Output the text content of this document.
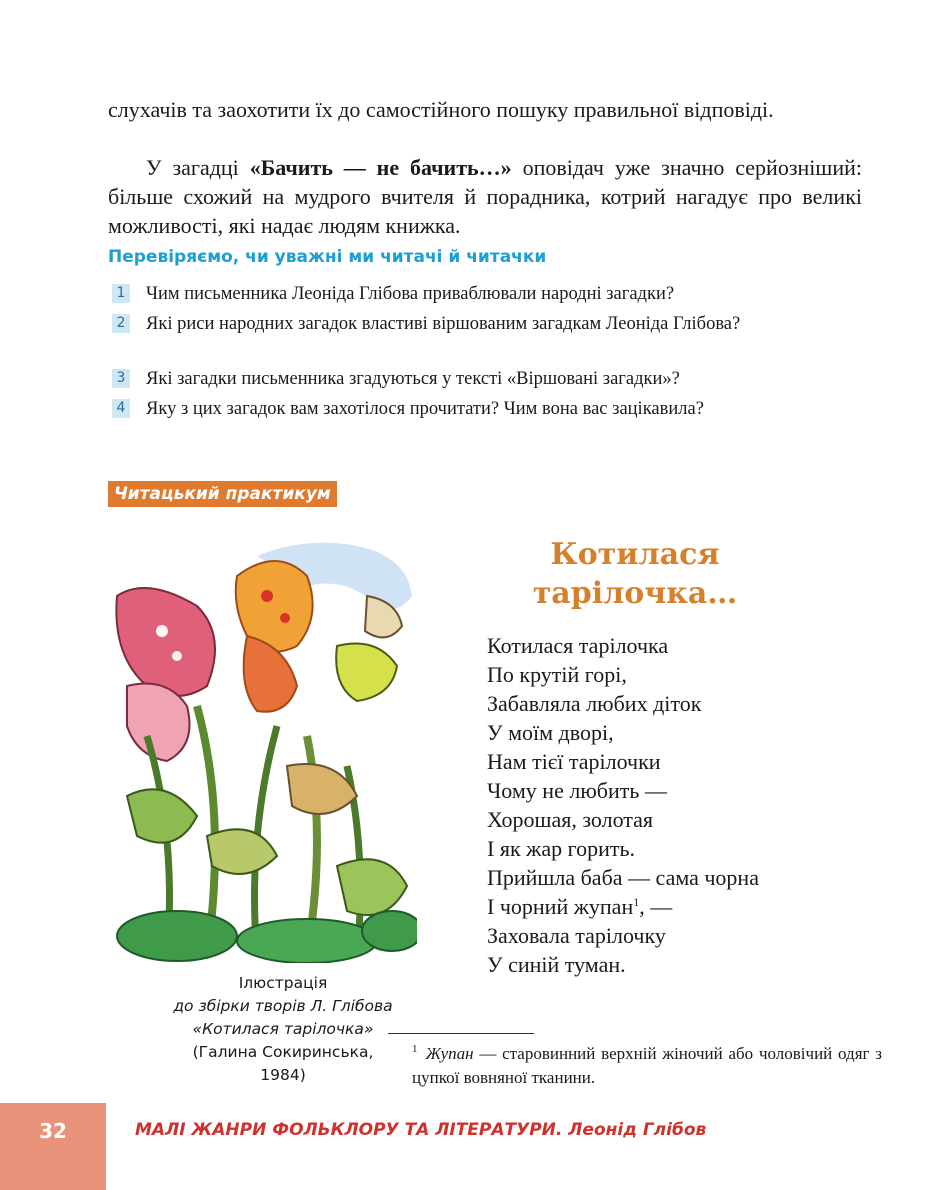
слухачів та заохотити їх до самостійного пошуку правильної відповіді.

У загадці «Бачить — не бачить…» оповідач уже значно серйозніший: більше схожий на мудрого вчителя й порадника, котрий нагадує про великі можливості, які надає людям книжка.

Перевіряємо, чи уважні ми читачі й читачки
1 Чим письменника Леоніда Глібова приваблювали народні загадки?
2 Які риси народних загадок властиві віршованим загадкам Леоніда Глібова?
3 Які загадки письменника згадуються у тексті «Віршовані загадки»?
4 Яку з цих загадок вам захотілося прочитати? Чим вона вас зацікавила?
Читацький практикум
Ілюстрація
до збірки творів Л. Глібова
«Котилася тарілочка»
(Галина Сокиринська,
1984)
Котилася
тарілочка…
Котилася тарілочка
По крутій горі,
Забавляла любих діток
У моїм дворі,
Нам тієї тарілочки
Чому не любить —
Хорошая, золотая
І як жар горить.
Прийшла баба — сама чорна
І чорний жупан$^1$, —
Заховала тарілочку
У синій туман.
$^1$ Жупан — старовинний верхній жіночий або чоловічий одяг з цупкої вовняної тканини.
32	МАЛІ ЖАНРИ ФОЛЬКЛОРУ ТА ЛІТЕРАТУРИ. Леонід Глібов
